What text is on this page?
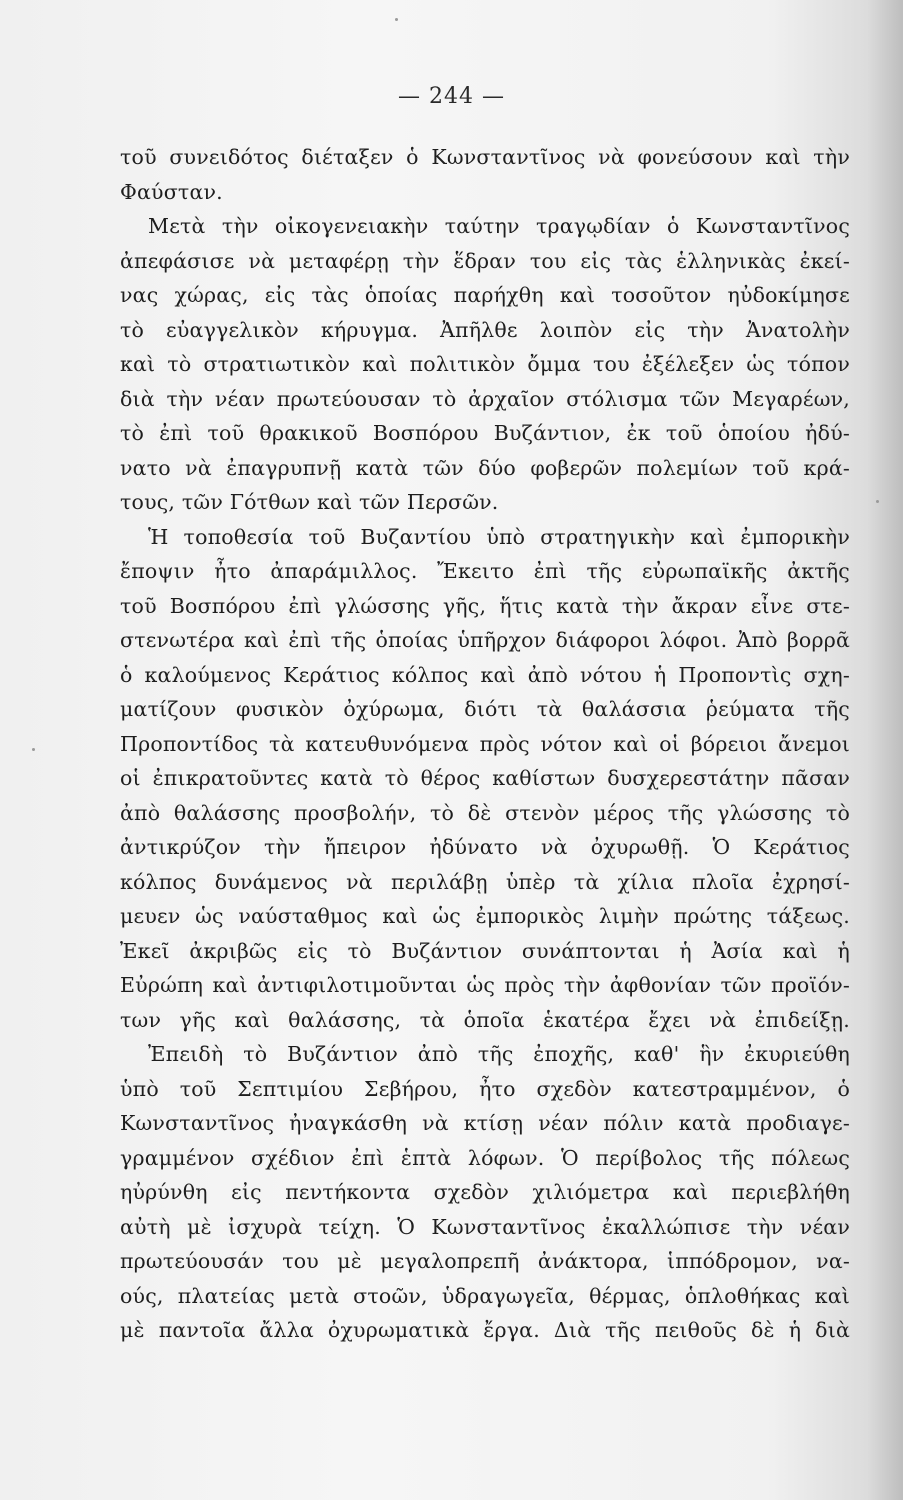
— 244 —
τοῦ συνειδότος διέταξεν ὁ Κωνσταντῖνος νὰ φονεύσουν καὶ τὴν
Φαύσταν.
Μετὰ τὴν οἰκογενειακὴν ταύτην τραγῳδίαν ὁ Κωνσταντῖνος
ἀπεφάσισε νὰ μεταφέρῃ τὴν ἕδραν του εἰς τὰς ἑλληνικὰς ἐκεί-
νας χώρας, εἰς τὰς ὁποίας παρήχθη καὶ τοσοῦτον ηὐδοκίμησε
τὸ εὐαγγελικὸν κήρυγμα. Ἀπῆλθε λοιπὸν εἰς τὴν Ἀνατολὴν
καὶ τὸ στρατιωτικὸν καὶ πολιτικὸν ὄμμα του ἐξέλεξεν ὡς τόπον
διὰ τὴν νέαν πρωτεύουσαν τὸ ἀρχαῖον στόλισμα τῶν Μεγαρέων,
τὸ ἐπὶ τοῦ θρακικοῦ Βοσπόρου Βυζάντιον, ἐκ τοῦ ὁποίου ἠδύ-
νατο νὰ ἐπαγρυπνῇ κατὰ τῶν δύο φοβερῶν πολεμίων τοῦ κρά-
τους, τῶν Γότθων καὶ τῶν Περσῶν.
Ἡ τοποθεσία τοῦ Βυζαντίου ὑπὸ στρατηγικὴν καὶ ἐμπορικὴν
ἔποψιν ἦτο ἀπαράμιλλος. Ἔκειτο ἐπὶ τῆς εὐρωπαϊκῆς ἀκτῆς
τοῦ Βοσπόρου ἐπὶ γλώσσης γῆς, ἥτις κατὰ τὴν ἄκραν εἶνε στε-
στενωτέρα καὶ ἐπὶ τῆς ὁποίας ὑπῆρχον διάφοροι λόφοι. Ἀπὸ βορρᾶ
ὁ καλούμενος Κεράτιος κόλπος καὶ ἀπὸ νότου ἡ Προποντὶς σχη-
ματίζουν φυσικὸν ὀχύρωμα, διότι τὰ θαλάσσια ῥεύματα τῆς
Προποντίδος τὰ κατευθυνόμενα πρὸς νότον καὶ οἱ βόρειοι ἄνεμοι
οἱ ἐπικρατοῦντες κατὰ τὸ θέρος καθίστων δυσχερεστάτην πᾶσαν
ἀπὸ θαλάσσης προσβολήν, τὸ δὲ στενὸν μέρος τῆς γλώσσης τὸ
ἀντικρύζον τὴν ἤπειρον ἠδύνατο νὰ ὀχυρωθῇ. Ὁ Κεράτιος
κόλπος δυνάμενος νὰ περιλάβῃ ὑπὲρ τὰ χίλια πλοῖα ἐχρησί-
μευεν ὡς ναύσταθμος καὶ ὡς ἐμπορικὸς λιμὴν πρώτης τάξεως.
Ἐκεῖ ἀκριβῶς εἰς τὸ Βυζάντιον συνάπτονται ἡ Ἀσία καὶ ἡ
Εὐρώπη καὶ ἀντιφιλοτιμοῦνται ὡς πρὸς τὴν ἀφθονίαν τῶν προϊόν-
των γῆς καὶ θαλάσσης, τὰ ὁποῖα ἑκατέρα ἔχει νὰ ἐπιδείξῃ.
Ἐπειδὴ τὸ Βυζάντιον ἀπὸ τῆς ἐποχῆς, καθ' ἣν ἐκυριεύθη
ὑπὸ τοῦ Σεπτιμίου Σεβήρου, ἦτο σχεδὸν κατεστραμμένον, ὁ
Κωνσταντῖνος ἠναγκάσθη νὰ κτίσῃ νέαν πόλιν κατὰ προδιαγε-
γραμμένον σχέδιον ἐπὶ ἑπτὰ λόφων. Ὁ περίβολος τῆς πόλεως
ηὐρύνθη εἰς πεντήκοντα σχεδὸν χιλιόμετρα καὶ περιεβλήθη
αὐτὴ μὲ ἰσχυρὰ τείχη. Ὁ Κωνσταντῖνος ἐκαλλώπισε τὴν νέαν
πρωτεύουσάν του μὲ μεγαλοπρεπῆ ἀνάκτορα, ἱππόδρομον, να-
ούς, πλατείας μετὰ στοῶν, ὑδραγωγεῖα, θέρμας, ὁπλοθήκας καὶ
μὲ παντοῖα ἄλλα ὀχυρωματικὰ ἔργα. Διὰ τῆς πειθοῦς δὲ ἡ διὰ
